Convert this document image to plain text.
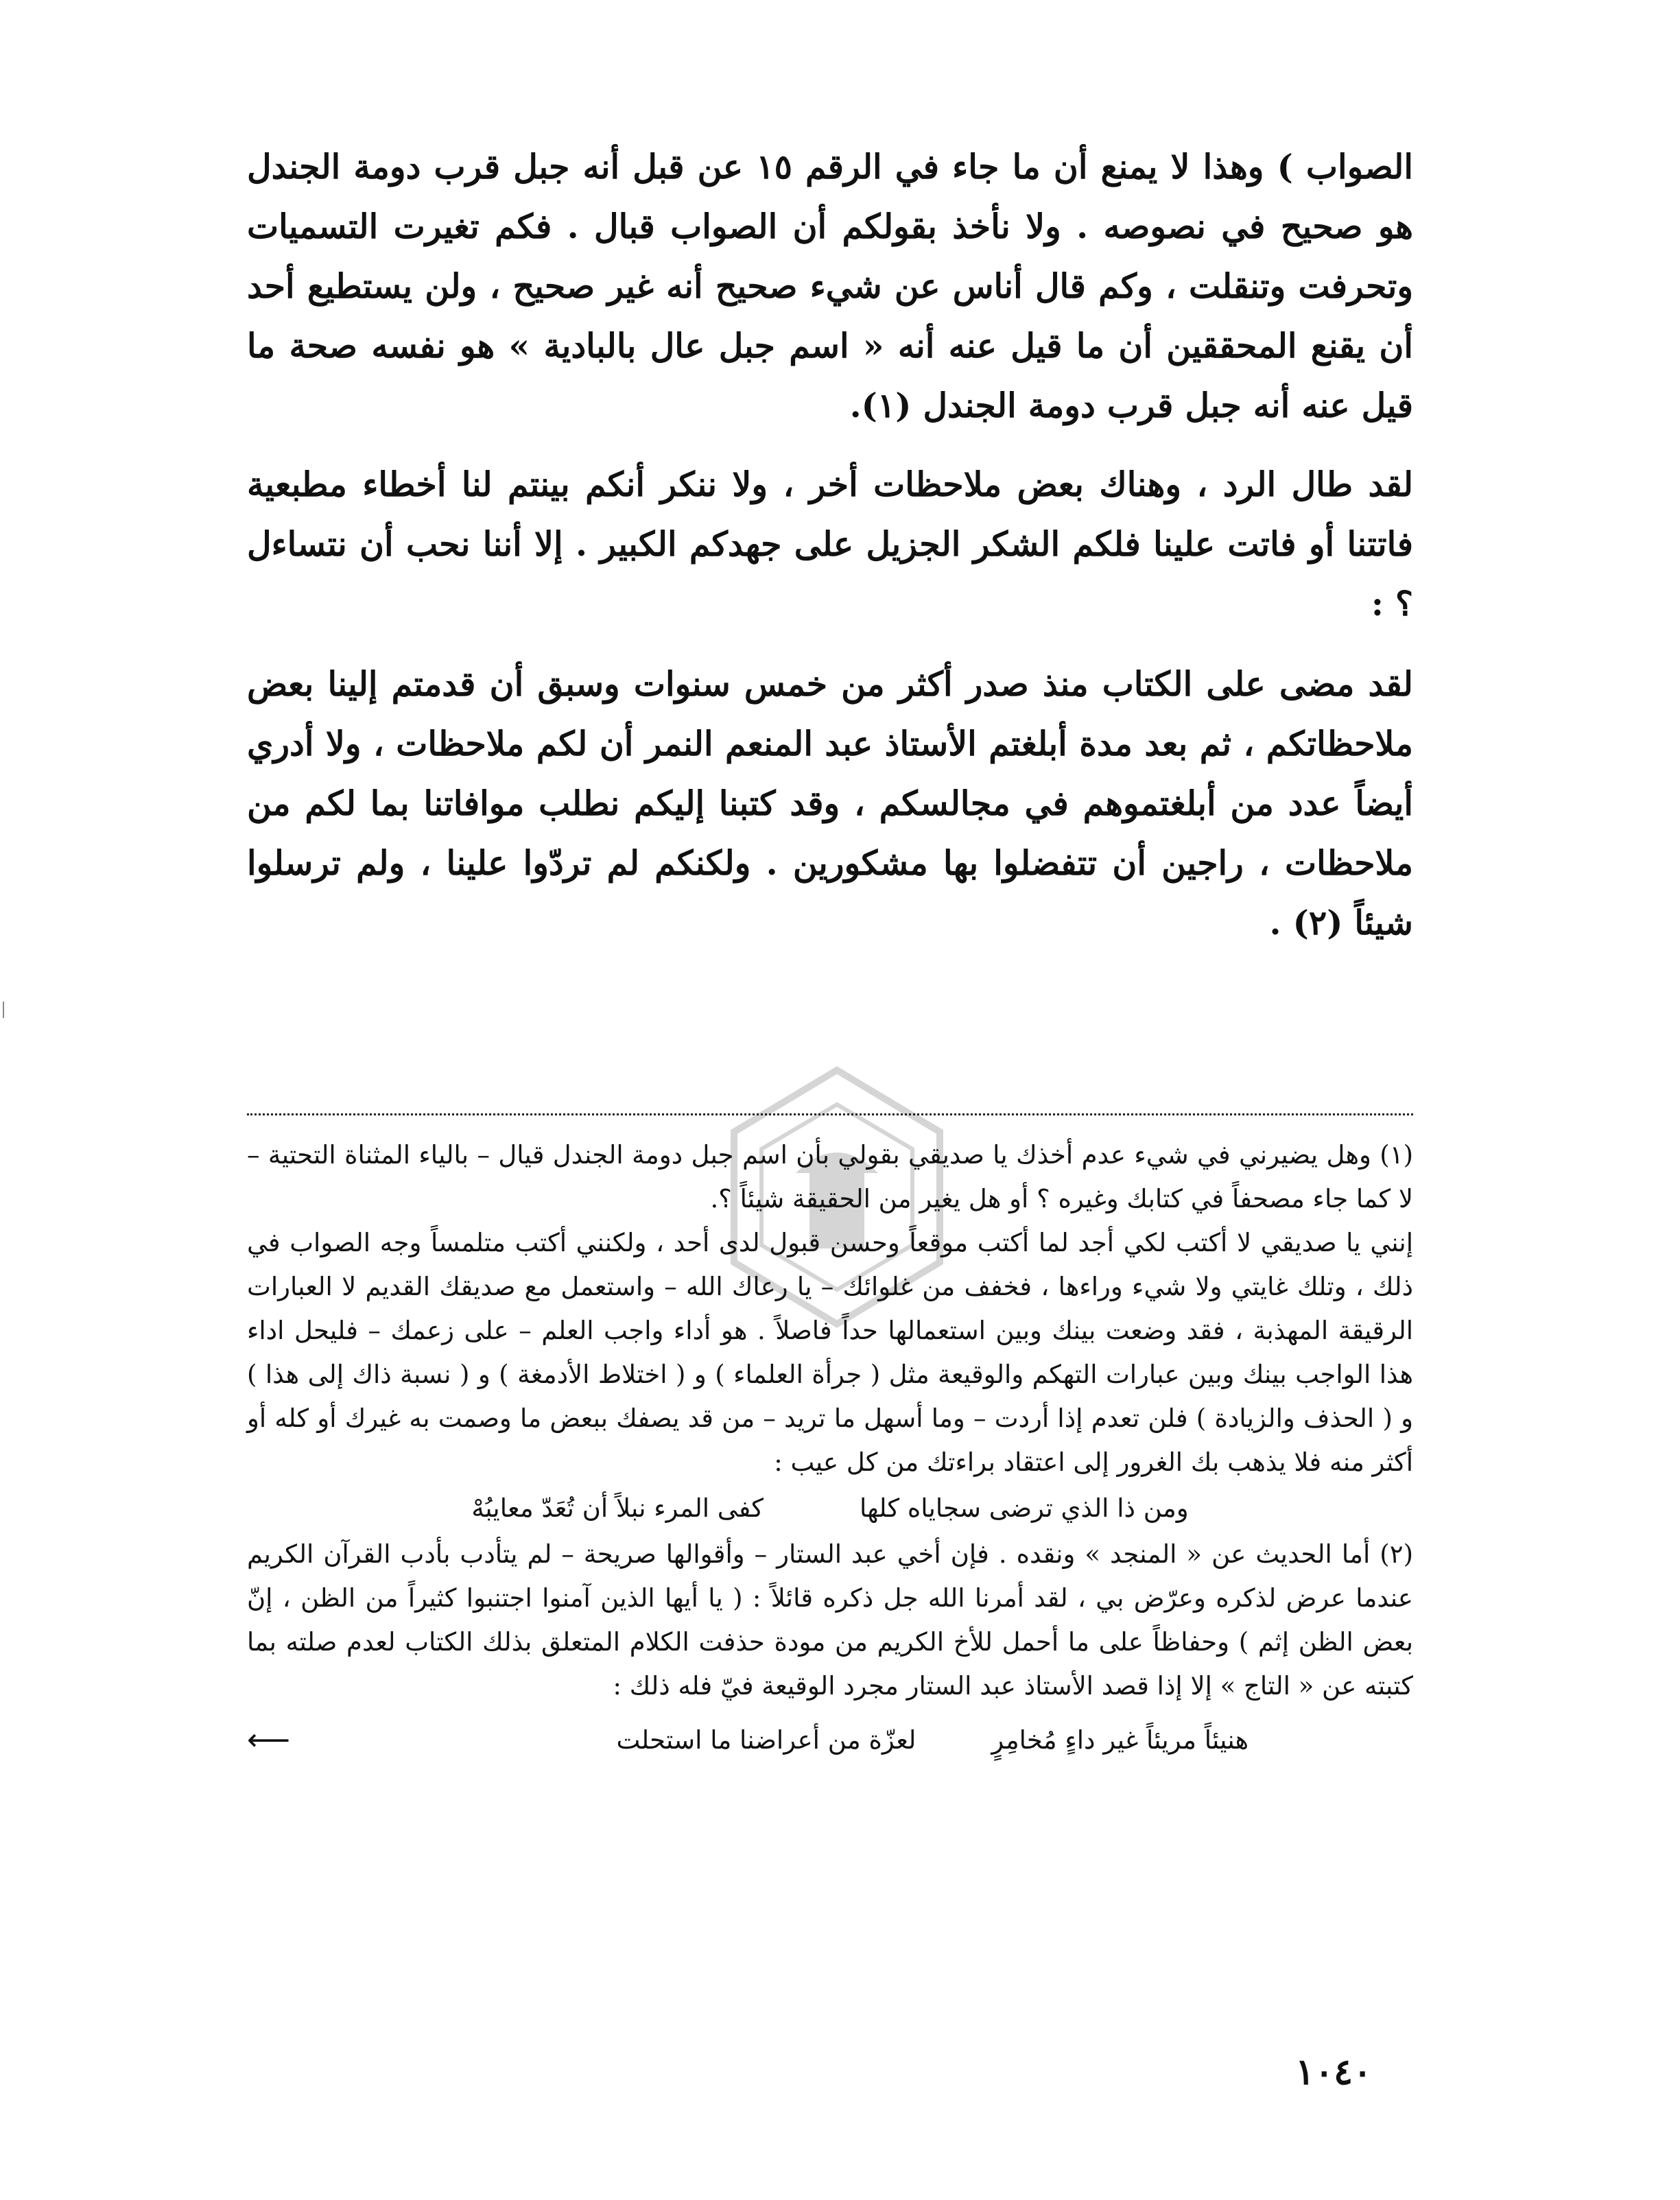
الصواب ) وهذا لا يمنع أن ما جاء في الرقم ١٥ عن قبل أنه جبل قرب دومة الجندل هو صحيح في نصوصه . ولا نأخذ بقولكم أن الصواب قبال . فكم تغيرت التسميات وتحرفت وتنقلت ، وكم قال أناس عن شيء صحيح أنه غير صحيح ، ولن يستطيع أحد أن يقنع المحققين أن ما قيل عنه أنه « اسم جبل عال بالبادية » هو نفسه صحة ما قيل عنه أنه جبل قرب دومة الجندل (١).

لقد طال الرد ، وهناك بعض ملاحظات أخر ، ولا ننكر أنكم بينتم لنا أخطاء مطبعية فاتتنا أو فاتت علينا فلكم الشكر الجزيل على جهدكم الكبير . إلا أننا نحب أن نتساءل ؟ :

لقد مضى على الكتاب منذ صدر أكثر من خمس سنوات وسبق أن قدمتم إلينا بعض ملاحظاتكم ، ثم بعد مدة أبلغتم الأستاذ عبد المنعم النمر أن لكم ملاحظات ، ولا أدري أيضاً عدد من أبلغتموهم في مجالسكم ، وقد كتبنا إليكم نطلب موافاتنا بما لكم من ملاحظات ، راجين أن تتفضلوا بها مشكورين . ولكنكم لم تردّوا علينا ، ولم ترسلوا شيئاً (٢) .

(١) وهل يضيرني في شيء عدم أخذك يا صديقي بقولي بأن اسم جبل دومة الجندل قيال – بالياء المثناة التحتية – لا كما جاء مصحفاً في كتابك وغيره ؟ أو هل يغير من الحقيقة شيئاً ؟.

إنني يا صديقي لا أكتب لكي أجد لما أكتب موقعاً وحسن قبول لدى أحد ، ولكنني أكتب متلمساً وجه الصواب في ذلك ، وتلك غايتي ولا شيء وراءها ، فخفف من غلوائك – يا رعاك الله – واستعمل مع صديقك القديم لا العبارات الرقيقة المهذبة ، فقد وضعت بينك وبين استعمالها حداً فاصلاً . هو أداء واجب العلم – على زعمك – فليحل اداء هذا الواجب بينك وبين عبارات التهكم والوقيعة مثل ( جرأة العلماء ) و ( اختلاط الأدمغة ) و ( نسبة ذاك إلى هذا ) و ( الحذف والزيادة ) فلن تعدم إذا أردت – وما أسهل ما تريد – من قد يصفك ببعض ما وصمت به غيرك أو كله أو أكثر منه فلا يذهب بك الغرور إلى اعتقاد براءتك من كل عيب :

ومن ذا الذي ترضى سجاياه كلها
كفى المرء نبلاً أن تُعَدّ معايبُهْ

(٢) أما الحديث عن « المنجد » ونقده . فإن أخي عبد الستار – وأقوالها صريحة – لم يتأدب بأدب القرآن الكريم عندما عرض لذكره وعرّض بي ، لقد أمرنا الله جل ذكره قائلاً : ( يا أيها الذين آمنوا اجتنبوا كثيراً من الظن ، إنّ بعض الظن إثم ) وحفاظاً على ما أحمل للأخ الكريم من مودة حذفت الكلام المتعلق بذلك الكتاب لعدم صلته بما كتبته عن « التاج » إلا إذا قصد الأستاذ عبد الستار مجرد الوقيعة فيّ فله ذلك :

هنيئاً مريئاً غير داءٍ مُخامِرٍ
لعزّة من أعراضنا ما استحلت
⟵
١٠٤٠
